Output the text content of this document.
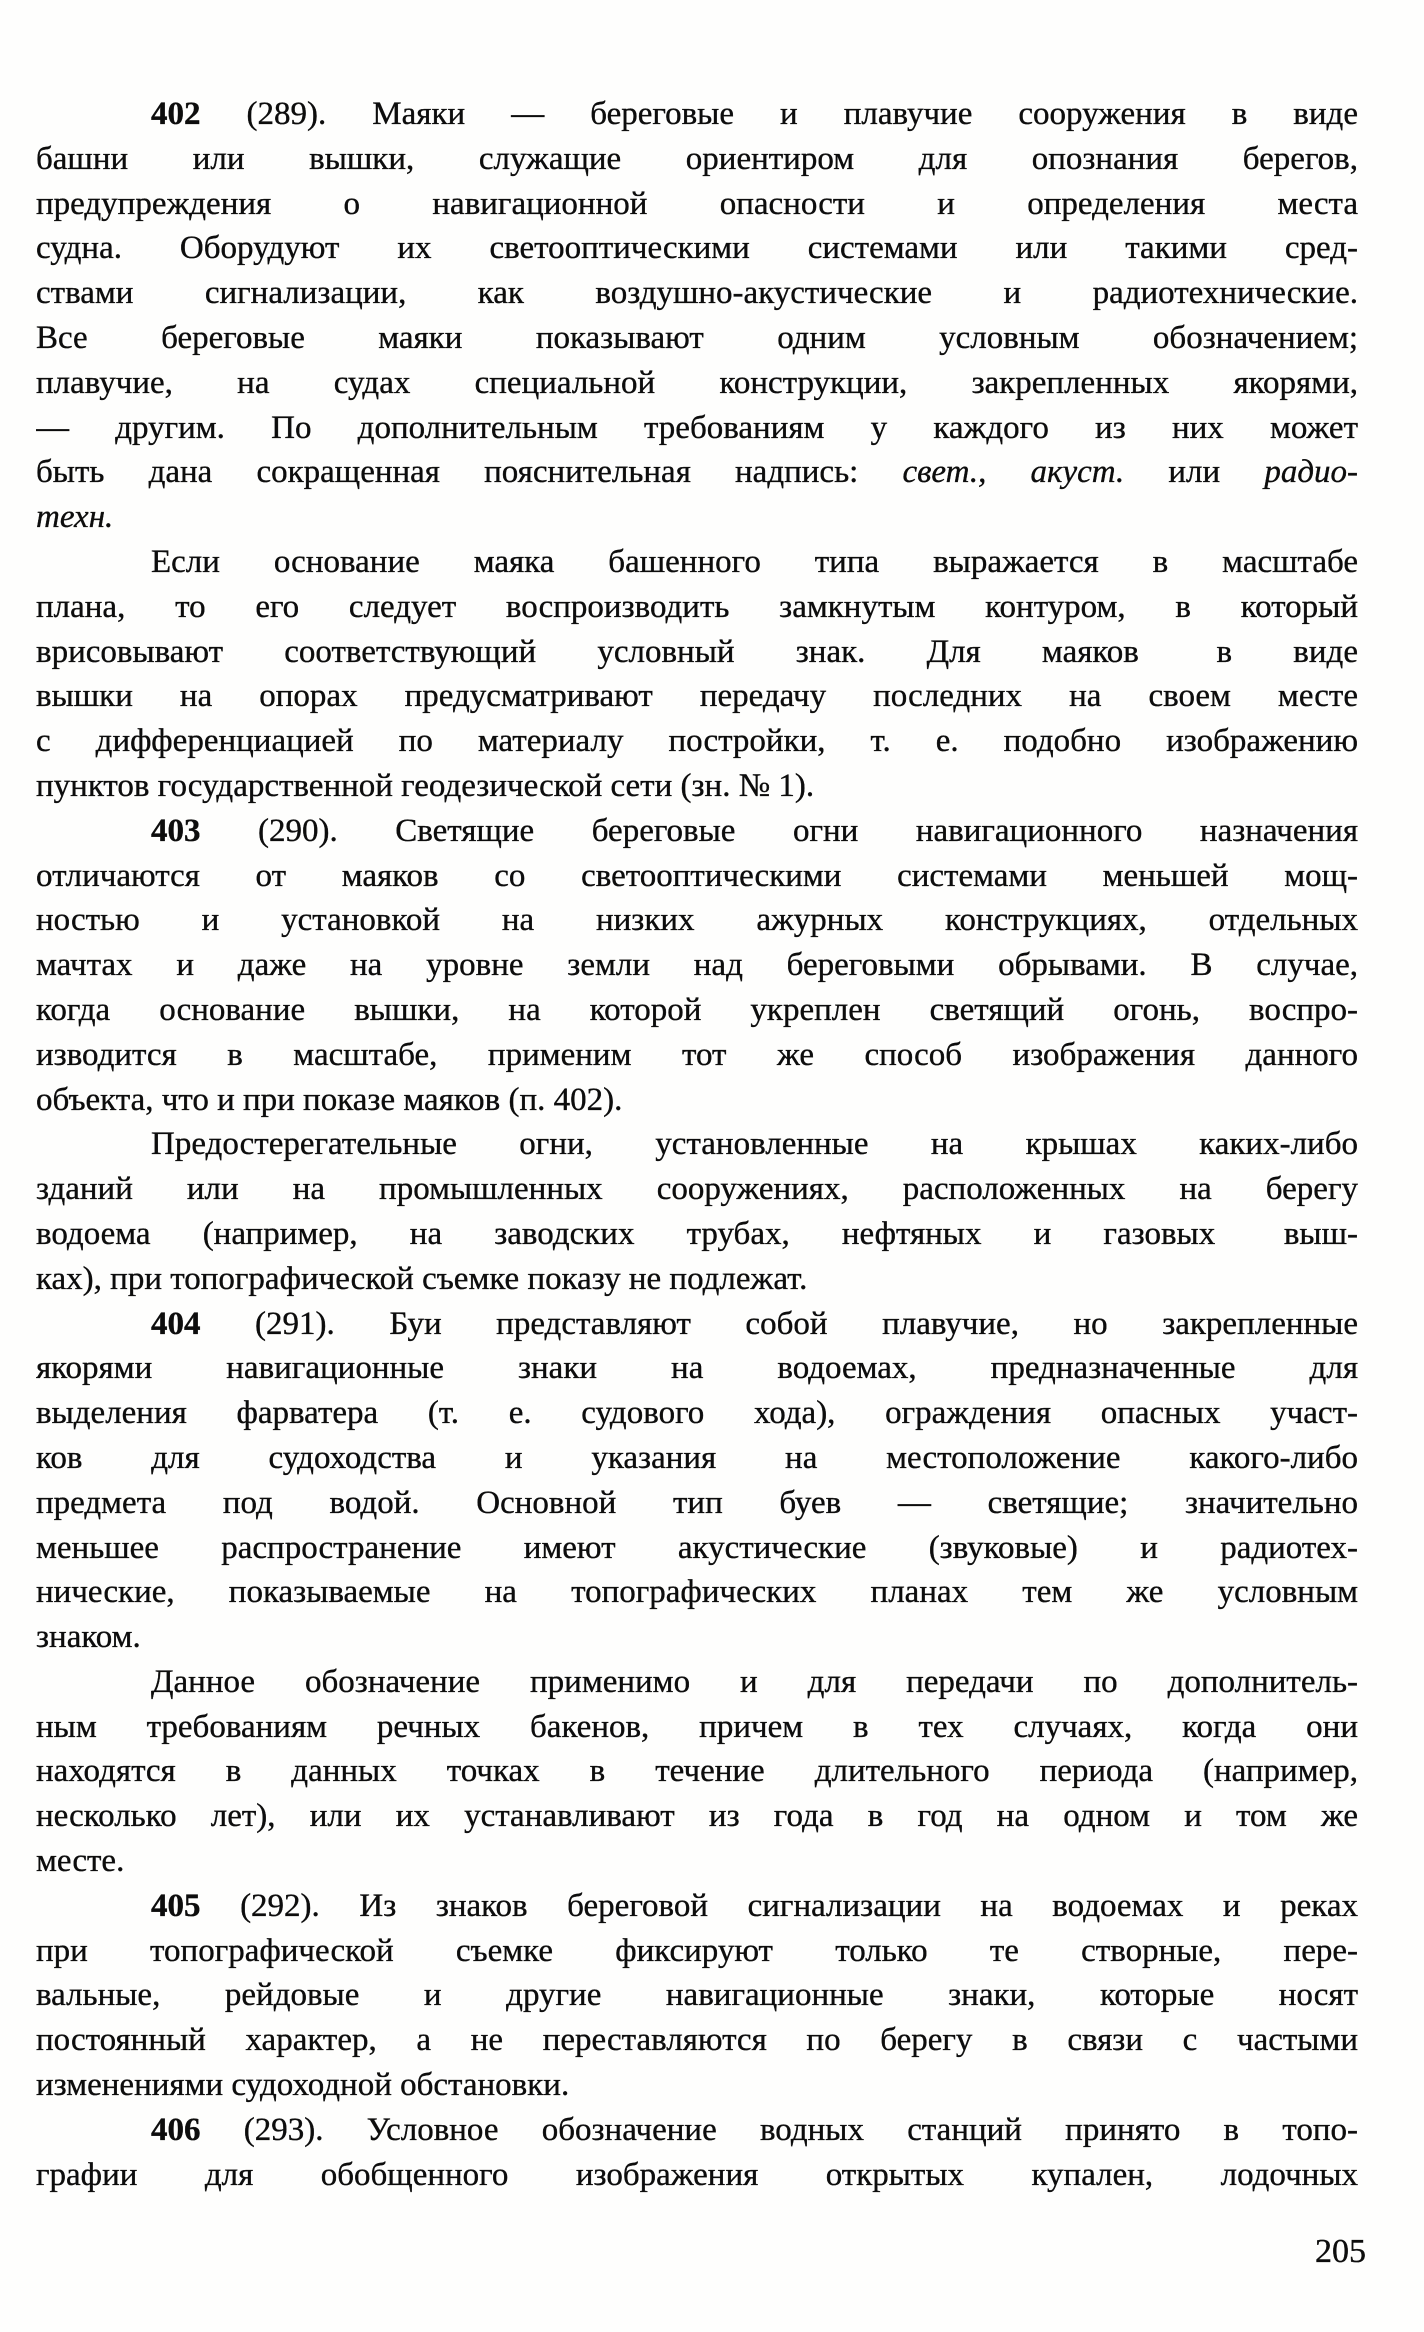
402 (289). Маяки — береговые и плавучие сооружения в виде
башни или вышки, служащие ориентиром для опознания берегов,
предупреждения о навигационной опасности и определения места
судна. Оборудуют их светооптическими системами или такими сред-
ствами сигнализации, как воздушно-акустические и радиотехнические.
Все береговые маяки показывают одним условным обозначением;
плавучие, на судах специальной конструкции, закрепленных якорями,
— другим. По дополнительным требованиям у каждого из них может
быть дана сокращенная пояснительная надпись: свет., акуст. или радио-
техн.
Если основание маяка башенного типа выражается в масштабе
плана, то его следует воспроизводить замкнутым контуром, в который
врисовывают соответствующий условный знак. Для маяков  в виде
вышки на опорах предусматривают передачу последних на своем месте
с дифференциацией по материалу постройки, т. е. подобно изображению
пунктов государственной геодезической сети (зн. № 1).
403 (290). Светящие береговые огни навигационного назначения
отличаются от маяков со светооптическими системами меньшей мощ-
ностью и установкой на низких ажурных конструкциях, отдельных
мачтах и даже на уровне земли над береговыми обрывами. В случае,
когда основание вышки, на которой укреплен светящий огонь, воспро-
изводится в масштабе, применим тот же способ изображения данного
объекта, что и при показе маяков (п. 402).
Предостерегательные огни, установленные на крышах каких-либо
зданий или на промышленных сооружениях, расположенных на берегу
водоема (например, на заводских трубах, нефтяных и газовых  выш-
ках), при топографической съемке показу не подлежат.
404 (291). Буи представляют собой плавучие, но закрепленные
якорями навигационные знаки на водоемах, предназначенные для
выделения фарватера (т. е. судового хода), ограждения опасных участ-
ков для судоходства и указания на местоположение какого-либо
предмета под водой. Основной тип буев — светящие; значительно
меньшее распространение имеют акустические (звуковые) и радиотех-
нические, показываемые на топографических планах тем же условным
знаком.
Данное обозначение применимо и для передачи по дополнитель-
ным требованиям речных бакенов, причем в тех случаях, когда они
находятся в данных точках в течение длительного периода (например,
несколько лет), или их устанавливают из года в год на одном и том же
месте.
405 (292). Из знаков береговой сигнализации на водоемах и реках
при топографической съемке фиксируют только те створные, пере-
вальные, рейдовые и другие навигационные знаки, которые носят
постоянный характер, а не переставляются по берегу в связи с частыми
изменениями судоходной обстановки.
406 (293). Условное обозначение водных станций принято в топо-
графии для обобщенного изображения открытых купален, лодочных
205
